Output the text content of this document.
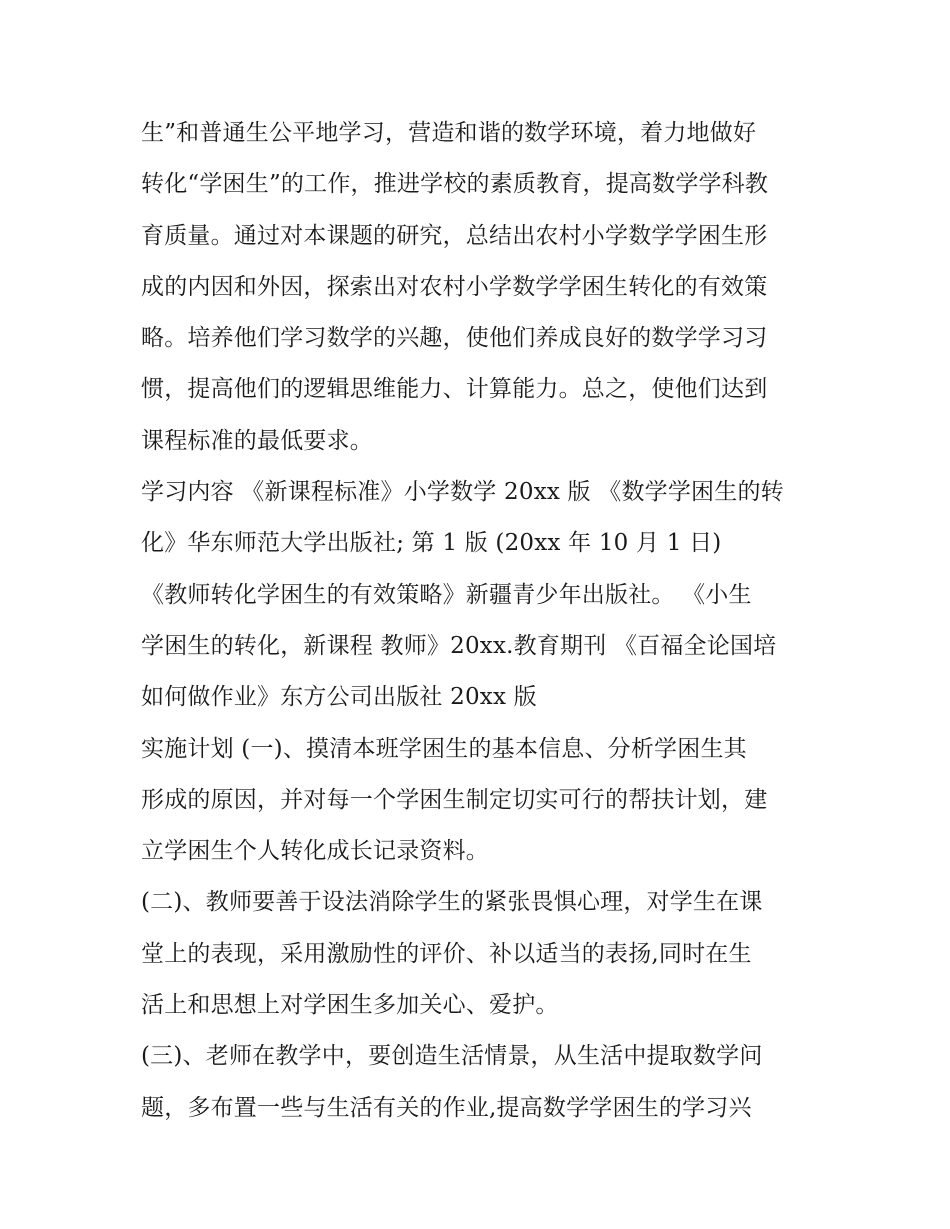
生”和普通生公平地学习，营造和谐的数学环境，着力地做好
转化“学困生”的工作，推进学校的素质教育，提高数学学科教
育质量。通过对本课题的研究，总结出农村小学数学学困生形
成的内因和外因，探索出对农村小学数学学困生转化的有效策
略。培养他们学习数学的兴趣，使他们养成良好的数学学习习
惯，提高他们的逻辑思维能力、计算能力。总之，使他们达到
课程标准的最低要求。
学习内容 《新课程标准》小学数学 20xx 版 《数学学困生的转
化》华东师范大学出版社; 第 1 版 (20xx 年 10 月 1 日)
《教师转化学困生的有效策略》新疆青少年出版社。 《小生
学困生的转化，新课程 教师》20xx.教育期刊 《百福全论国培
如何做作业》东方公司出版社 20xx 版
实施计划 (一)、摸清本班学困生的基本信息、分析学困生其
形成的原因，并对每一个学困生制定切实可行的帮扶计划，建
立学困生个人转化成长记录资料。
(二)、教师要善于设法消除学生的紧张畏惧心理，对学生在课
堂上的表现，采用激励性的评价、补以适当的表扬,同时在生
活上和思想上对学困生多加关心、爱护。
(三)、老师在教学中，要创造生活情景，从生活中提取数学问
题，多布置一些与生活有关的作业,提高数学学困生的学习兴
